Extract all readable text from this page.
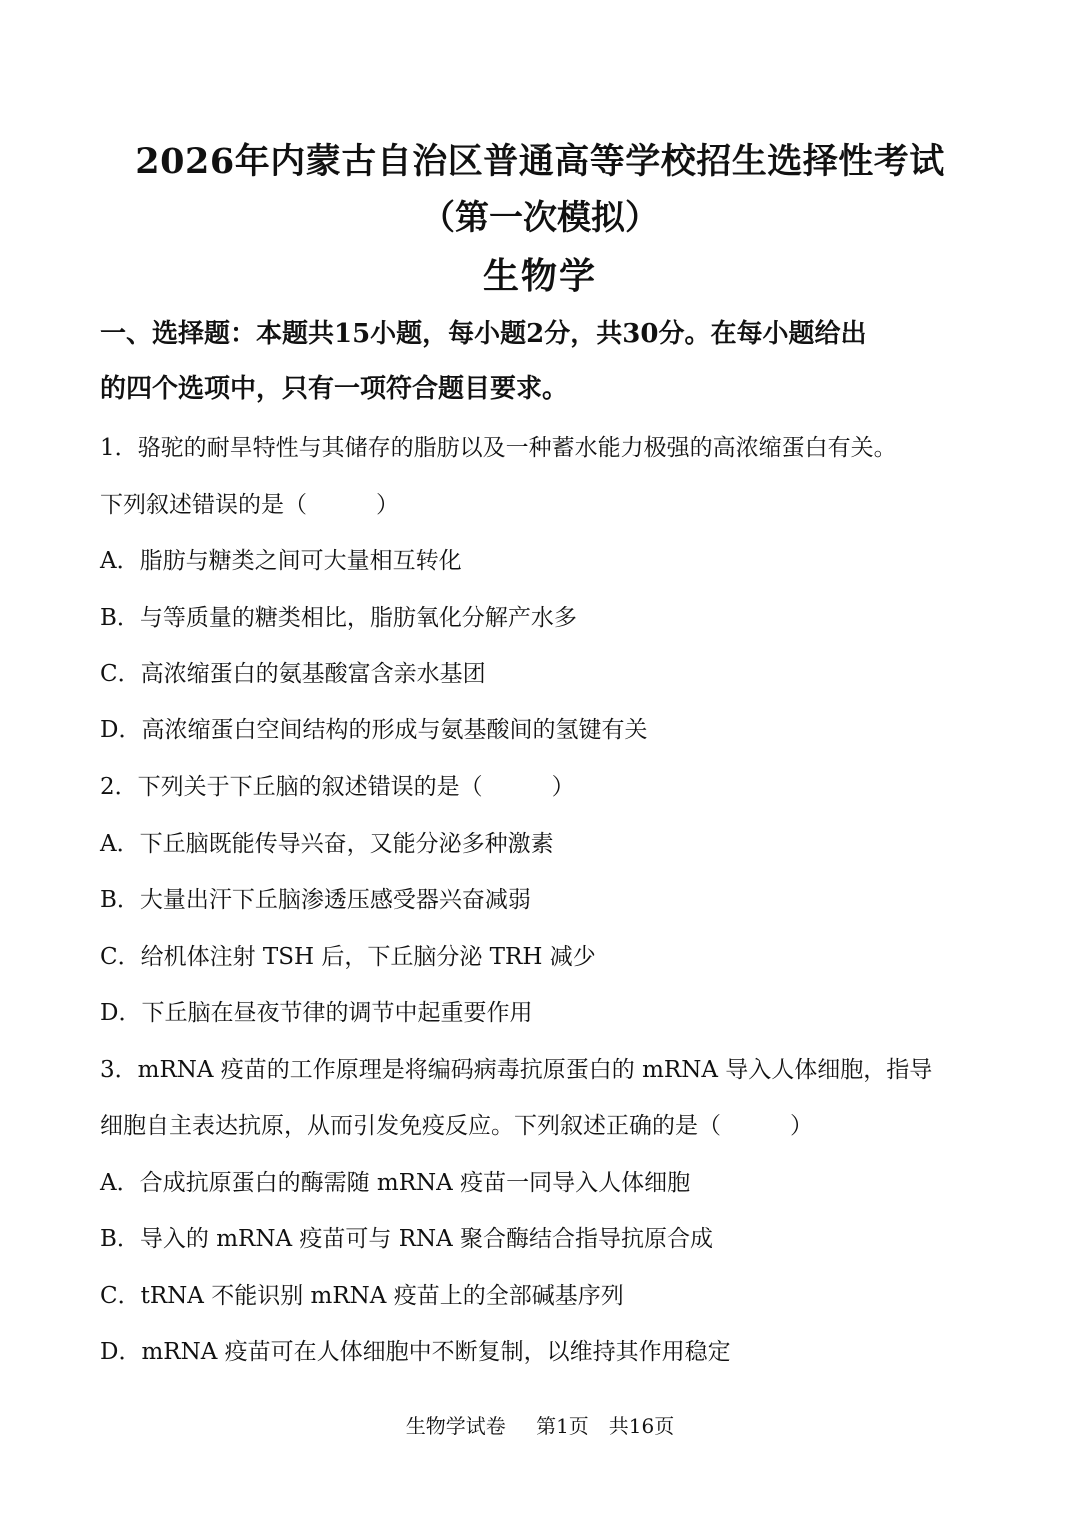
2026年内蒙古自治区普通高等学校招生选择性考试
（第一次模拟）
生物学
一、选择题：本题共15小题，每小题2分，共30分。在每小题给出
的四个选项中，只有一项符合题目要求。
1．骆驼的耐旱特性与其储存的脂肪以及一种蓄水能力极强的高浓缩蛋白有关。
下列叙述错误的是（　　　）
A．脂肪与糖类之间可大量相互转化
B．与等质量的糖类相比，脂肪氧化分解产水多
C．高浓缩蛋白的氨基酸富含亲水基团
D．高浓缩蛋白空间结构的形成与氨基酸间的氢键有关
2．下列关于下丘脑的叙述错误的是（　　　）
A．下丘脑既能传导兴奋，又能分泌多种激素
B．大量出汗下丘脑渗透压感受器兴奋减弱
C．给机体注射 TSH 后，下丘脑分泌 TRH 减少
D．下丘脑在昼夜节律的调节中起重要作用
3．mRNA 疫苗的工作原理是将编码病毒抗原蛋白的 mRNA 导入人体细胞，指导
细胞自主表达抗原，从而引发免疫反应。下列叙述正确的是（　　　）
A．合成抗原蛋白的酶需随 mRNA 疫苗一同导入人体细胞
B．导入的 mRNA 疫苗可与 RNA 聚合酶结合指导抗原合成
C．tRNA 不能识别 mRNA 疫苗上的全部碱基序列
D．mRNA 疫苗可在人体细胞中不断复制，以维持其作用稳定
生物学试卷 第1页　共16页
